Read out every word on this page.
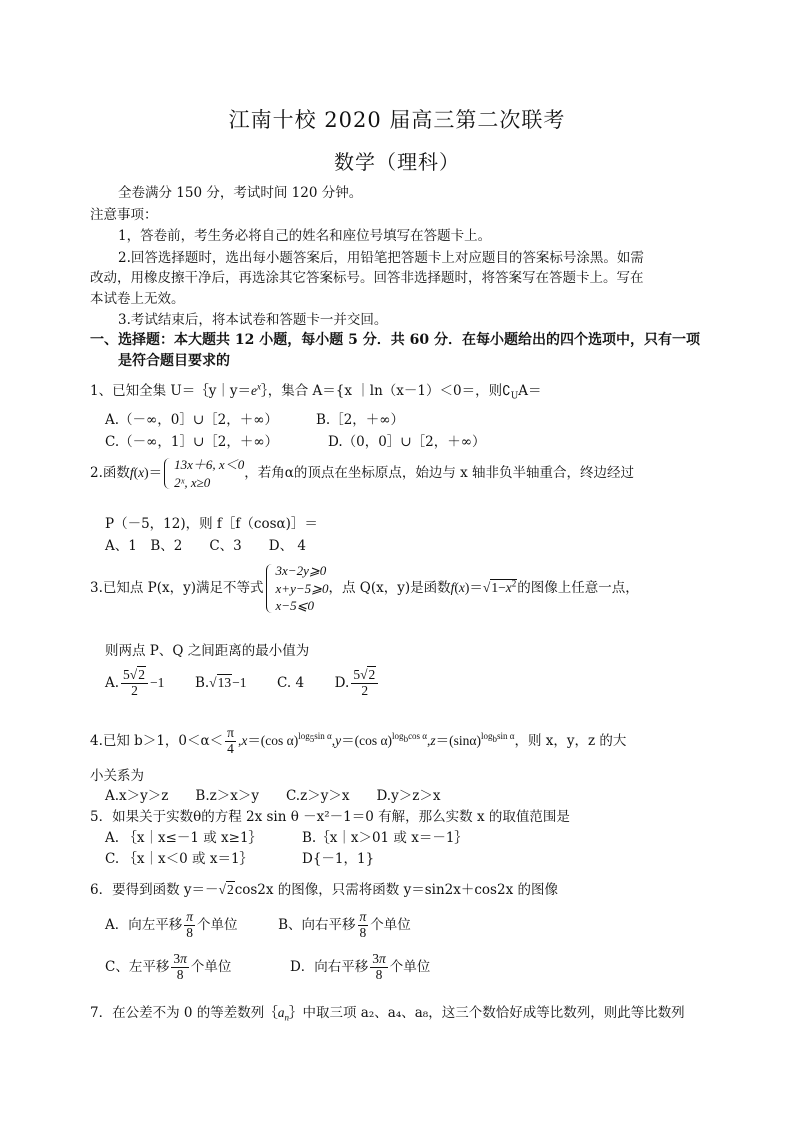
江南十校 2020 届高三第二次联考
数学（理科）
全卷满分 150 分，考试时间 120 分钟。
注意事项：
1，答卷前，考生务必将自己的姓名和座位号填写在答题卡上。
2.回答选择题时，选出每小题答案后，用铅笔把答题卡上对应题目的答案标号涂黑。如需
改动，用橡皮擦干净后，再选涂其它答案标号。回答非选择题时，将答案写在答题卡上。写在
本试卷上无效。
3.考试结束后，将本试卷和答题卡一并交回。
一、选择题：本大题共 12 小题，每小题 5 分．共 60 分．在每小题给出的四个选项中，只有一项
是符合题目要求的
1、已知全集 $U=\{y|y=e^x\}$，集合 A＝{x ｜ln（x－1）＜0＝，则$∁_UA=$
A.（－∞，0］∪［2，＋∞）	B.［2，＋∞）
C.（－∞，1］∪［2，＋∞）	D.（0，0］∪［2，＋∞）
2.函数f(x)＝
13x＋6, x＜0
2ˣ, x≥0
，若角α的顶点在坐标原点，始边与 x 轴非负半轴重合，终边经过
P（－5，12)，则 f［f（cosα)］＝
A、1　B、2　　C、3　　D、 4
3.已知点 P(x，y)满足不等式
3x−2y⩾0
x+y−5⩾0
x−5⩽0
，点 Q(x，y)是函数$f(x)=√1-x^2$的图像上任意一点，
则两点 P、Q 之间距离的最小值为
A. $\frac{5√2}{2} -1$ B.√13−1 C. 4 D. $\frac{5√2}{2}$
4.已知 b＞1，$0<\alpha< \frac{\pi}{4} ,x=(\cos$ α)$^{log_5sin \alpha}$,y＝(cos $\alpha)^{log_bcos \alpha},z=(\sin\alpha)^{log_bsin \alpha}$，则 x，y，z 的大
小关系为
A.x＞y＞z　　B.z＞x＞y　　C.z＞y＞x　　D.y＞z＞x
5．如果关于实数θ的方程 2x sin θ －x²－1＝0 有解，那么实数 x 的取值范围是
A. ｛x｜x≤－1 或 x≥1｝	B.｛x｜x＞01 或 x＝－1｝
C. ｛x｜x＜0 或 x＝1｝	D{－1，1}
6．要得到函数 y＝－√2cos2x 的图像，只需将函数 y＝sin2x＋cos2x 的图像
A．向左平移 $\frac{\pi}{8}$ 个单位	B、向右平移 $\frac{\pi}{8}$ 个单位
C、左平移 $\frac{3\pi}{8}$ 个单位	D．向右平移 $\frac{3\pi}{8}$ 个单位
7．在公差不为 0 的等差数列$\{a_n\}$中取三项 a₂、a₄、a₈，这三个数恰好成等比数列，则此等比数列
